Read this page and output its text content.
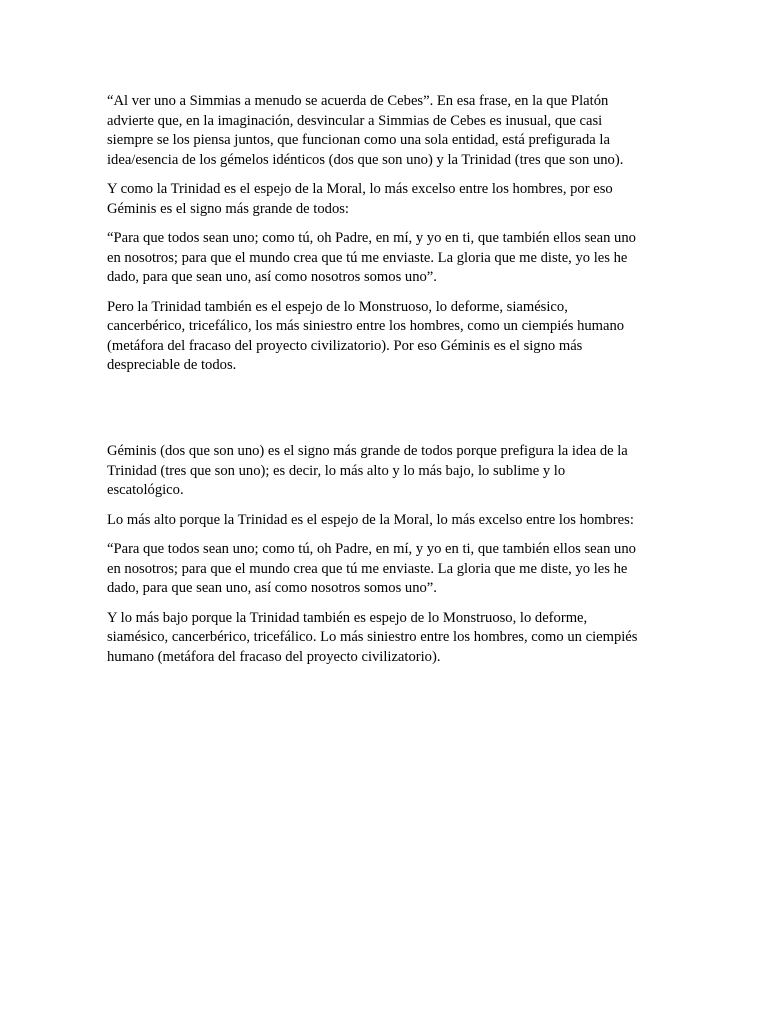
“Al ver uno a Simmias a menudo se acuerda de Cebes”. En esa frase, en la que Platón
advierte que, en la imaginación, desvincular a Simmias de Cebes es inusual, que casi
siempre se los piensa juntos, que funcionan como una sola entidad, está prefigurada la
idea/esencia de los gémelos idénticos (dos que son uno) y la Trinidad (tres que son uno).

Y como la Trinidad es el espejo de la Moral, lo más excelso entre los hombres, por eso
Géminis es el signo más grande de todos:

“Para que todos sean uno; como tú, oh Padre, en mí, y yo en ti, que también ellos sean uno
en nosotros; para que el mundo crea que tú me enviaste. La gloria que me diste, yo les he
dado, para que sean uno, así como nosotros somos uno”.

Pero la Trinidad también es el espejo de lo Monstruoso, lo deforme, siamésico,
cancerbérico, tricefálico, los más siniestro entre los hombres, como un ciempiés humano
(metáfora del fracaso del proyecto civilizatorio). Por eso Géminis es el signo más
despreciable de todos.

Géminis (dos que son uno) es el signo más grande de todos porque prefigura la idea de la
Trinidad (tres que son uno); es decir, lo más alto y lo más bajo, lo sublime y lo
escatológico.

Lo más alto porque la Trinidad es el espejo de la Moral, lo más excelso entre los hombres:

“Para que todos sean uno; como tú, oh Padre, en mí, y yo en ti, que también ellos sean uno
en nosotros; para que el mundo crea que tú me enviaste. La gloria que me diste, yo les he
dado, para que sean uno, así como nosotros somos uno”.

Y lo más bajo porque la Trinidad también es espejo de lo Monstruoso, lo deforme,
siamésico, cancerbérico, tricefálico. Lo más siniestro entre los hombres, como un ciempiés
humano (metáfora del fracaso del proyecto civilizatorio).
